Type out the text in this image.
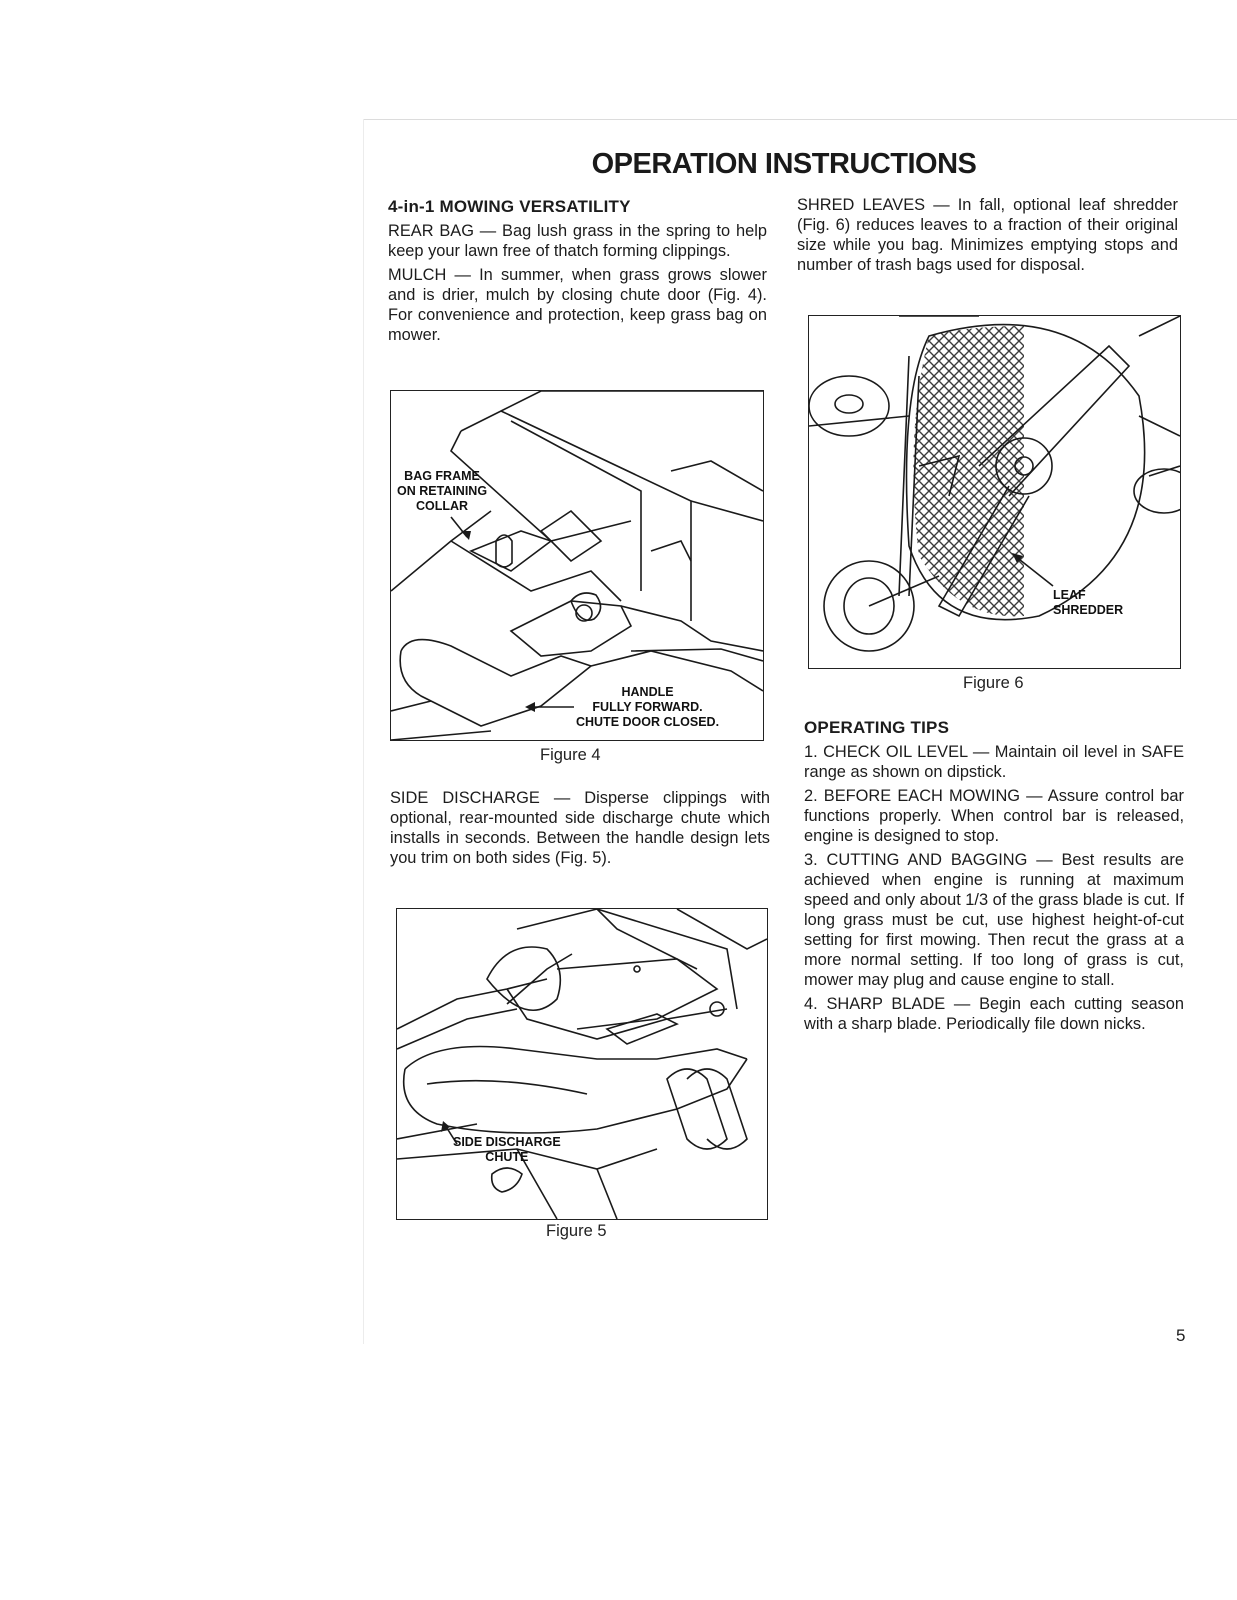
OPERATION INSTRUCTIONS
4-in-1 MOWING VERSATILITY

REAR BAG — Bag lush grass in the spring to help keep your lawn free of thatch forming clippings.

MULCH — In summer, when grass grows slower and is drier, mulch by closing chute door (Fig. 4). For convenience and protection, keep grass bag on mower.

BAG FRAME
ON RETAINING
COLLAR
HANDLE
FULLY FORWARD.
CHUTE DOOR CLOSED.
Figure 4

SIDE DISCHARGE — Disperse clippings with optional, rear-mounted side discharge chute which installs in seconds. Between the handle design lets you trim on both sides (Fig. 5).

SIDE DISCHARGE
CHUTE
Figure 5

SHRED LEAVES — In fall, optional leaf shredder (Fig. 6) reduces leaves to a fraction of their original size while you bag. Minimizes emptying stops and number of trash bags used for disposal.

LEAF
SHREDDER
Figure 6
OPERATING TIPS

1. CHECK OIL LEVEL — Maintain oil level in SAFE range as shown on dipstick.

2. BEFORE EACH MOWING — Assure control bar functions properly. When control bar is released, engine is designed to stop.

3. CUTTING AND BAGGING — Best results are achieved when engine is running at maximum speed and only about 1/3 of the grass blade is cut. If long grass must be cut, use highest height-of-cut setting for first mowing. Then recut the grass at a more normal setting. If too long of grass is cut, mower may plug and cause engine to stall.

4. SHARP BLADE — Begin each cutting season with a sharp blade. Periodically file down nicks.

5
